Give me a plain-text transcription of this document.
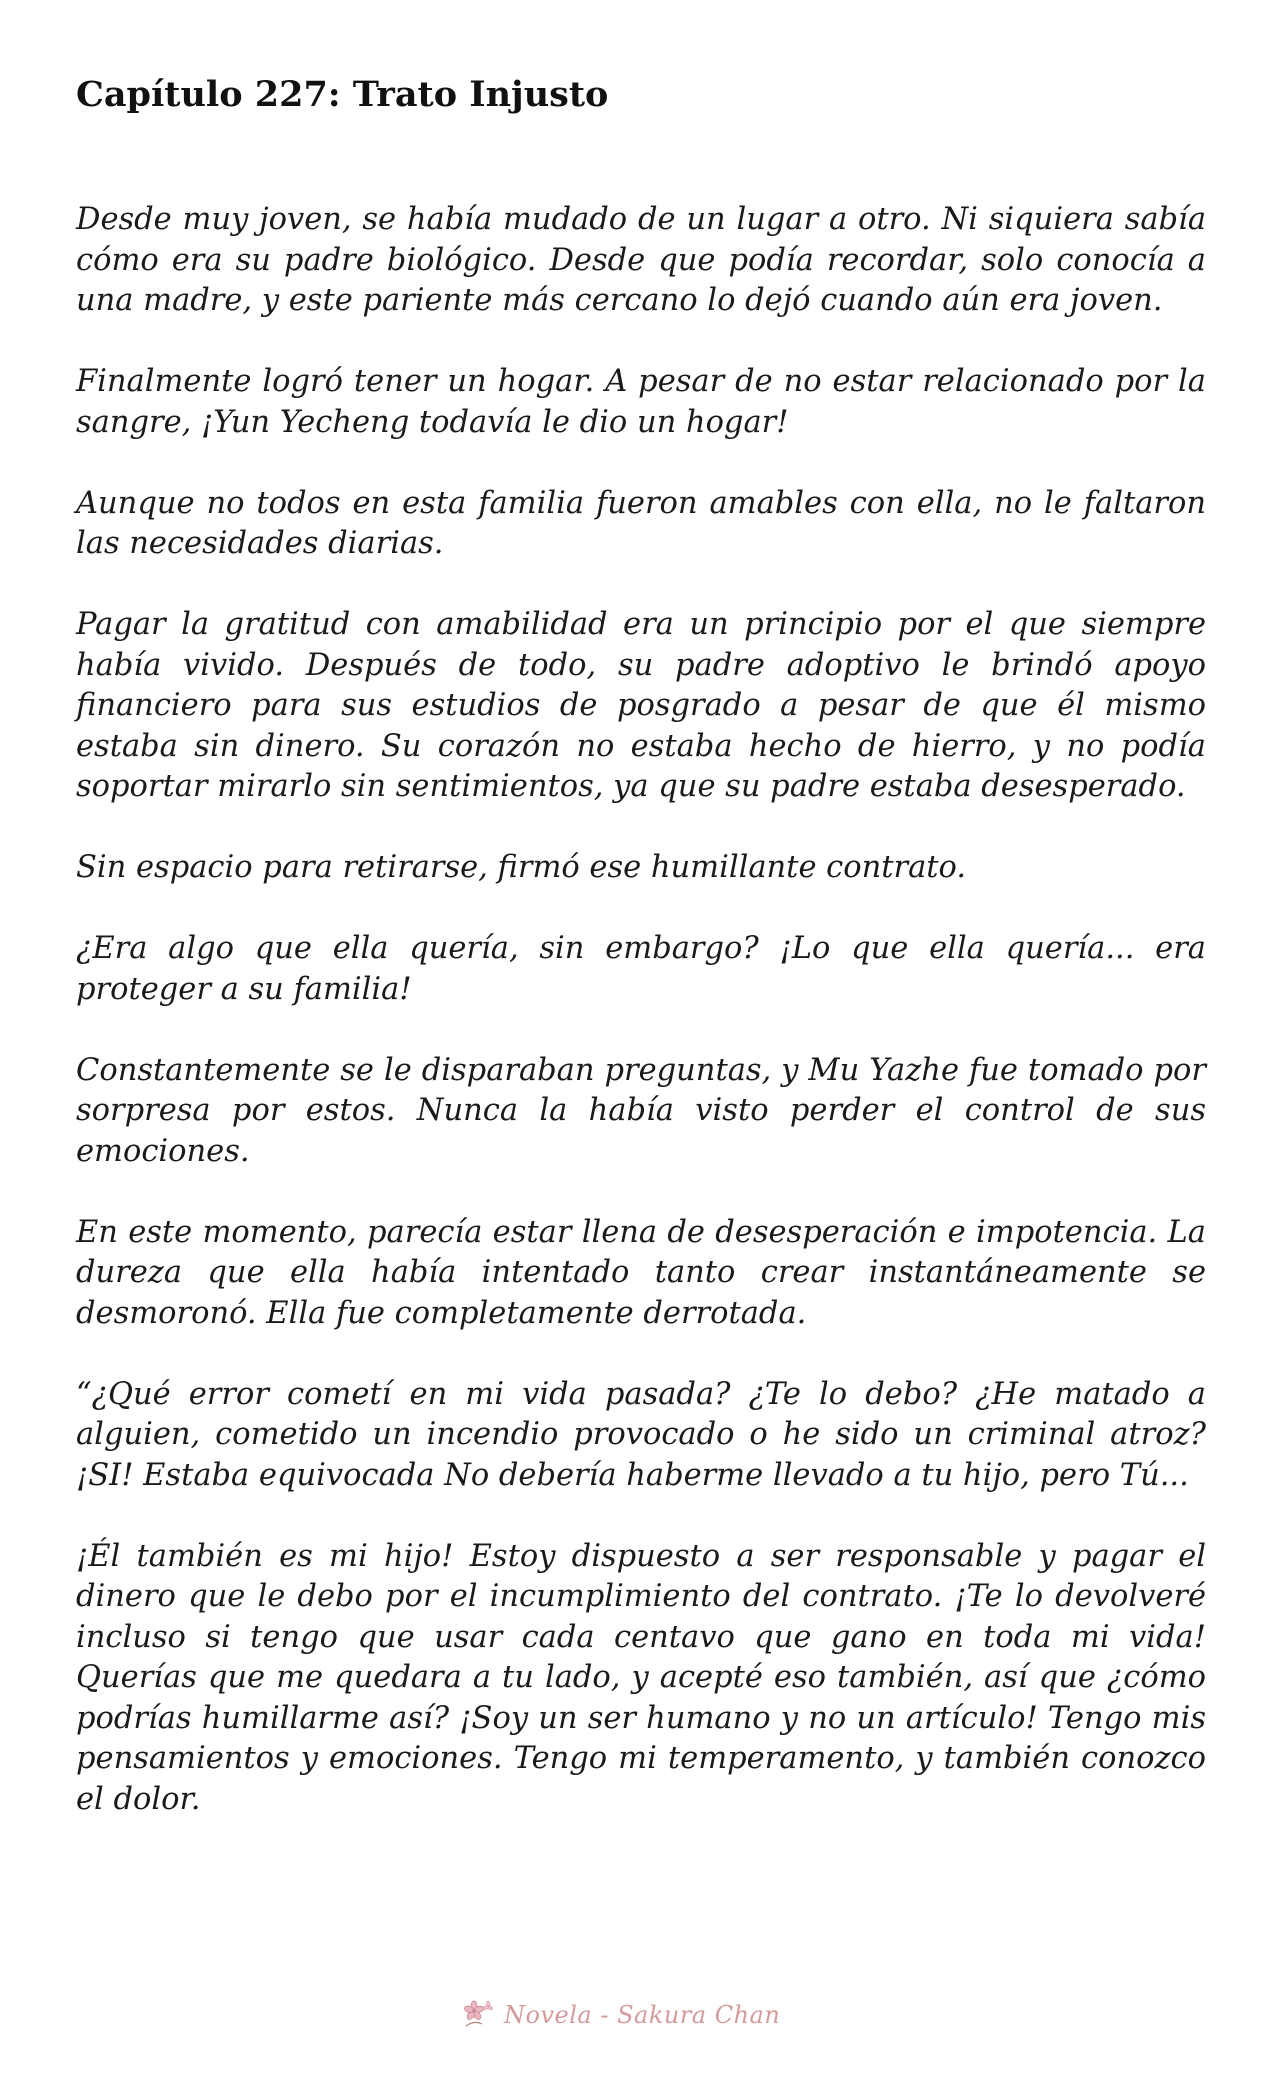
Capítulo 227: Trato Injusto

Desde muy joven, se había mudado de un lugar a otro. Ni siquiera sabía cómo era su padre biológico. Desde que podía recordar, solo conocía a una madre, y este pariente más cercano lo dejó cuando aún era joven.

Finalmente logró tener un hogar. A pesar de no estar relacionado por la sangre, ¡Yun Yecheng todavía le dio un hogar!

Aunque no todos en esta familia fueron amables con ella, no le faltaron las necesidades diarias.

Pagar la gratitud con amabilidad era un principio por el que siempre había vivido. Después de todo, su padre adoptivo le brindó apoyo financiero para sus estudios de posgrado a pesar de que él mismo estaba sin dinero. Su corazón no estaba hecho de hierro, y no podía soportar mirarlo sin sentimientos, ya que su padre estaba desesperado.

Sin espacio para retirarse, firmó ese humillante contrato.

¿Era algo que ella quería, sin embargo? ¡Lo que ella quería... era proteger a su familia!

Constantemente se le disparaban preguntas, y Mu Yazhe fue tomado por sorpresa por estos. Nunca la había visto perder el control de sus emociones.

En este momento, parecía estar llena de desesperación e impotencia. La dureza que ella había intentado tanto crear instantáneamente se desmoronó. Ella fue completamente derrotada.

“¿Qué error cometí en mi vida pasada? ¿Te lo debo? ¿He matado a alguien, cometido un incendio provocado o he sido un criminal atroz? ¡SI! Estaba equivocada No debería haberme llevado a tu hijo, pero Tú...

¡Él también es mi hijo! Estoy dispuesto a ser responsable y pagar el dinero que le debo por el incumplimiento del contrato. ¡Te lo devolveré incluso si tengo que usar cada centavo que gano en toda mi vida! Querías que me quedara a tu lado, y acepté eso también, así que ¿cómo podrías humillarme así? ¡Soy un ser humano y no un artículo! Tengo mis pensamientos y emociones. Tengo mi temperamento, y también conozco el dolor.

Novela - Sakura Chan
